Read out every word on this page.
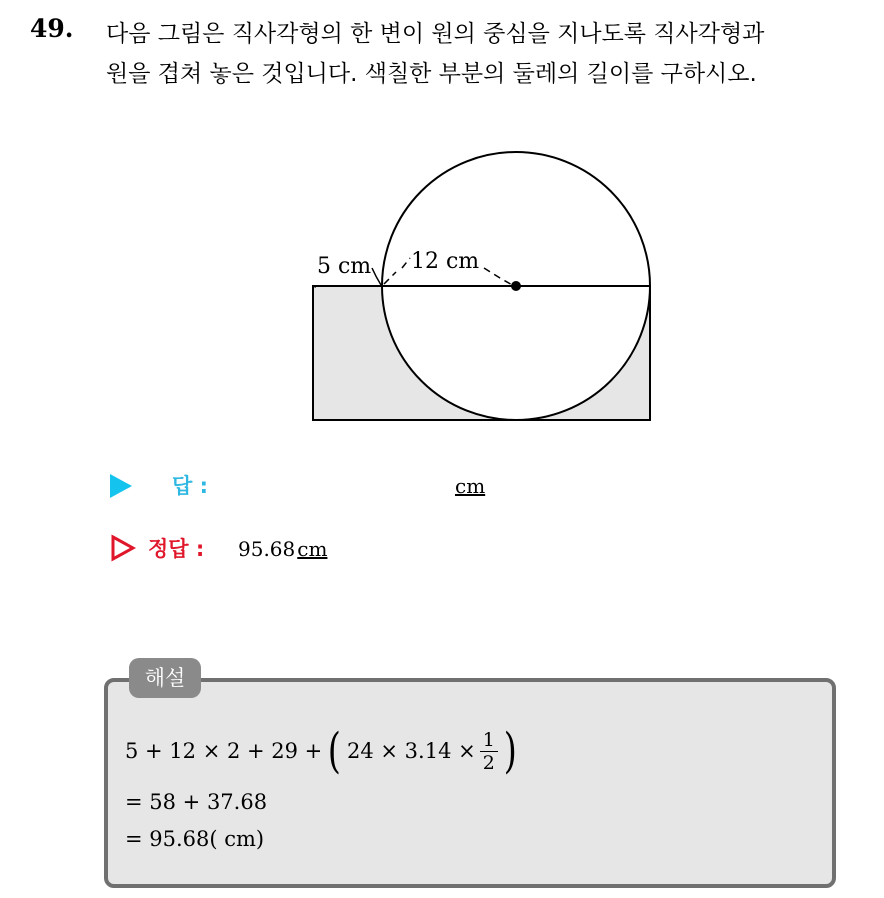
49. 다음 그림은 직사각형의 한 변이 원의 중심을 지나도록 직사각형과
원을 겹쳐 놓은 것입니다. 색칠한 부분의 둘레의 길이를 구하시오.
5 cm 12 cm
답 :	cm
정답 : 95.68 cm
해설
5 + 12 × 2 + 29 + ( $24 \times 3.14 \times \frac{1}{2}$ )
= 58 + 37.68
= 95.68( cm)
